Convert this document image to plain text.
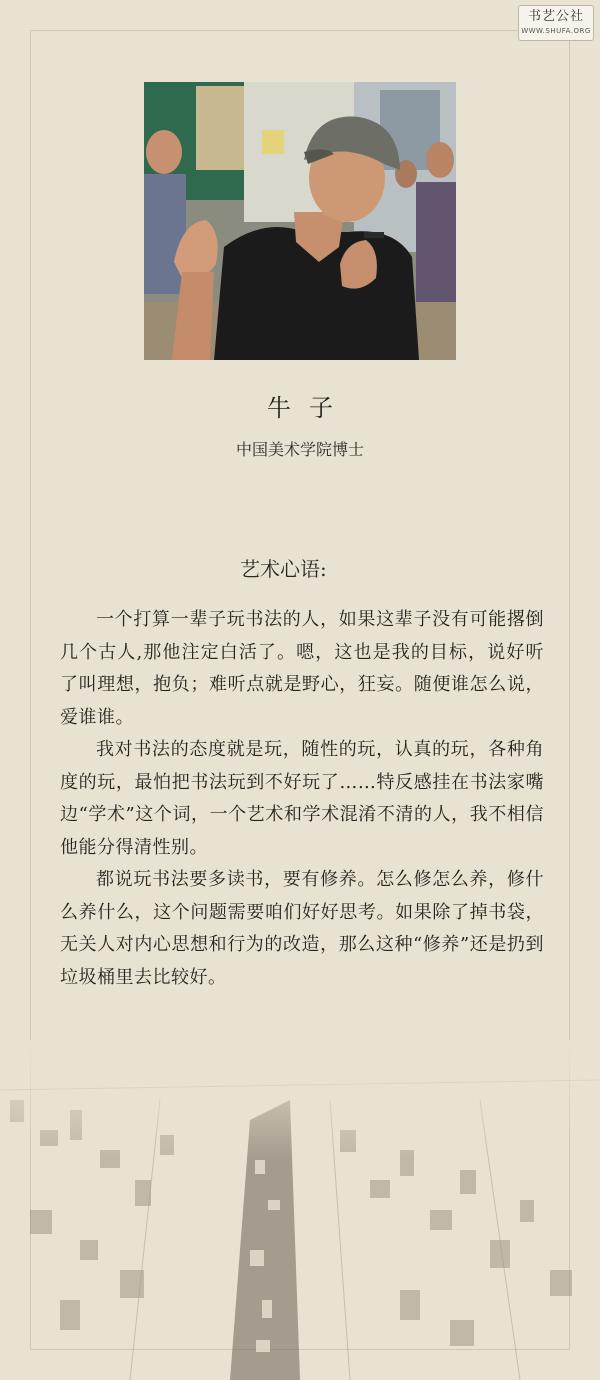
书艺公社
WWW.SHUFA.ORG
牛子
中国美术学院博士
艺术心语:

一个打算一辈子玩书法的人，如果这辈子没有可能撂倒几个古人,那他注定白活了。嗯，这也是我的目标，说好听了叫理想，抱负；难听点就是野心，狂妄。随便谁怎么说，爱谁谁。

我对书法的态度就是玩，随性的玩，认真的玩，各种角度的玩，最怕把书法玩到不好玩了……特反感挂在书法家嘴边“学术”这个词，一个艺术和学术混淆不清的人，我不相信他能分得清性别。

都说玩书法要多读书，要有修养。怎么修怎么养，修什么养什么，这个问题需要咱们好好思考。如果除了掉书袋，无关人对内心思想和行为的改造，那么这种“修养”还是扔到垃圾桶里去比较好。
